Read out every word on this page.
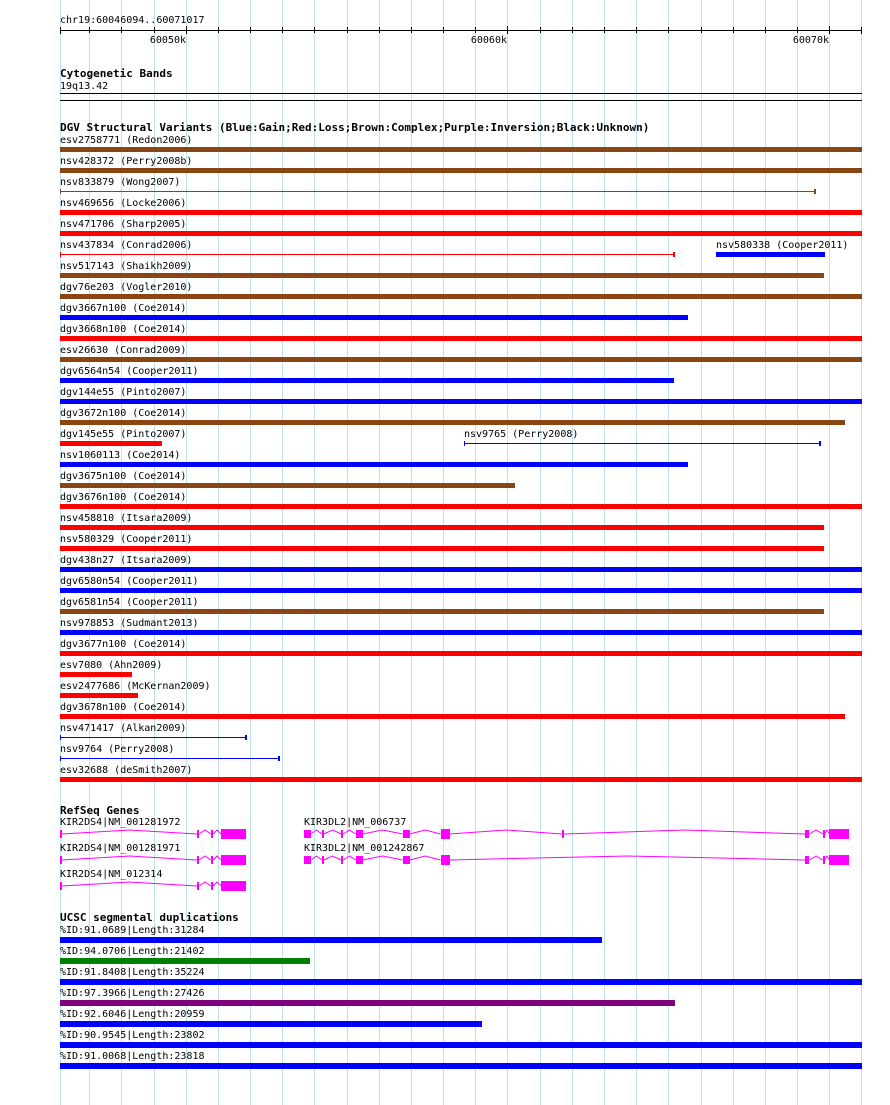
chr19:60046094..60071017
60050k	60060k	60070k
Cytogenetic Bands
19q13.42
DGV Structural Variants (Blue:Gain;Red:Loss;Brown:Complex;Purple:Inversion;Black:Unknown)
esv2758771 (Redon2006)
nsv428372 (Perry2008b)
nsv833879 (Wong2007)
nsv469656 (Locke2006)
nsv471706 (Sharp2005)
nsv437834 (Conrad2006)	nsv580338 (Cooper2011)
nsv517143 (Shaikh2009)
dgv76e203 (Vogler2010)
dgv3667n100 (Coe2014)
dgv3668n100 (Coe2014)
esv26630 (Conrad2009)
dgv6564n54 (Cooper2011)
dgv144e55 (Pinto2007)
dgv3672n100 (Coe2014)
dgv145e55 (Pinto2007)	nsv9765 (Perry2008)
nsv1060113 (Coe2014)
dgv3675n100 (Coe2014)
dgv3676n100 (Coe2014)
nsv458810 (Itsara2009)
nsv580329 (Cooper2011)
dgv438n27 (Itsara2009)
dgv6580n54 (Cooper2011)
dgv6581n54 (Cooper2011)
nsv978853 (Sudmant2013)
dgv3677n100 (Coe2014)
esv7080 (Ahn2009)
esv2477686 (McKernan2009)
dgv3678n100 (Coe2014)
nsv471417 (Alkan2009)
nsv9764 (Perry2008)
esv32688 (deSmith2007)
RefSeq Genes
KIR2DS4|NM_001281972	KIR3DL2|NM_006737
KIR2DS4|NM_001281971	KIR3DL2|NM_001242867
KIR2DS4|NM_012314
UCSC segmental duplications
%ID:91.0689|Length:31284
%ID:94.0706|Length:21402
%ID:91.8408|Length:35224
%ID:97.3966|Length:27426
%ID:92.6046|Length:20959
%ID:90.9545|Length:23802
%ID:91.0068|Length:23818
